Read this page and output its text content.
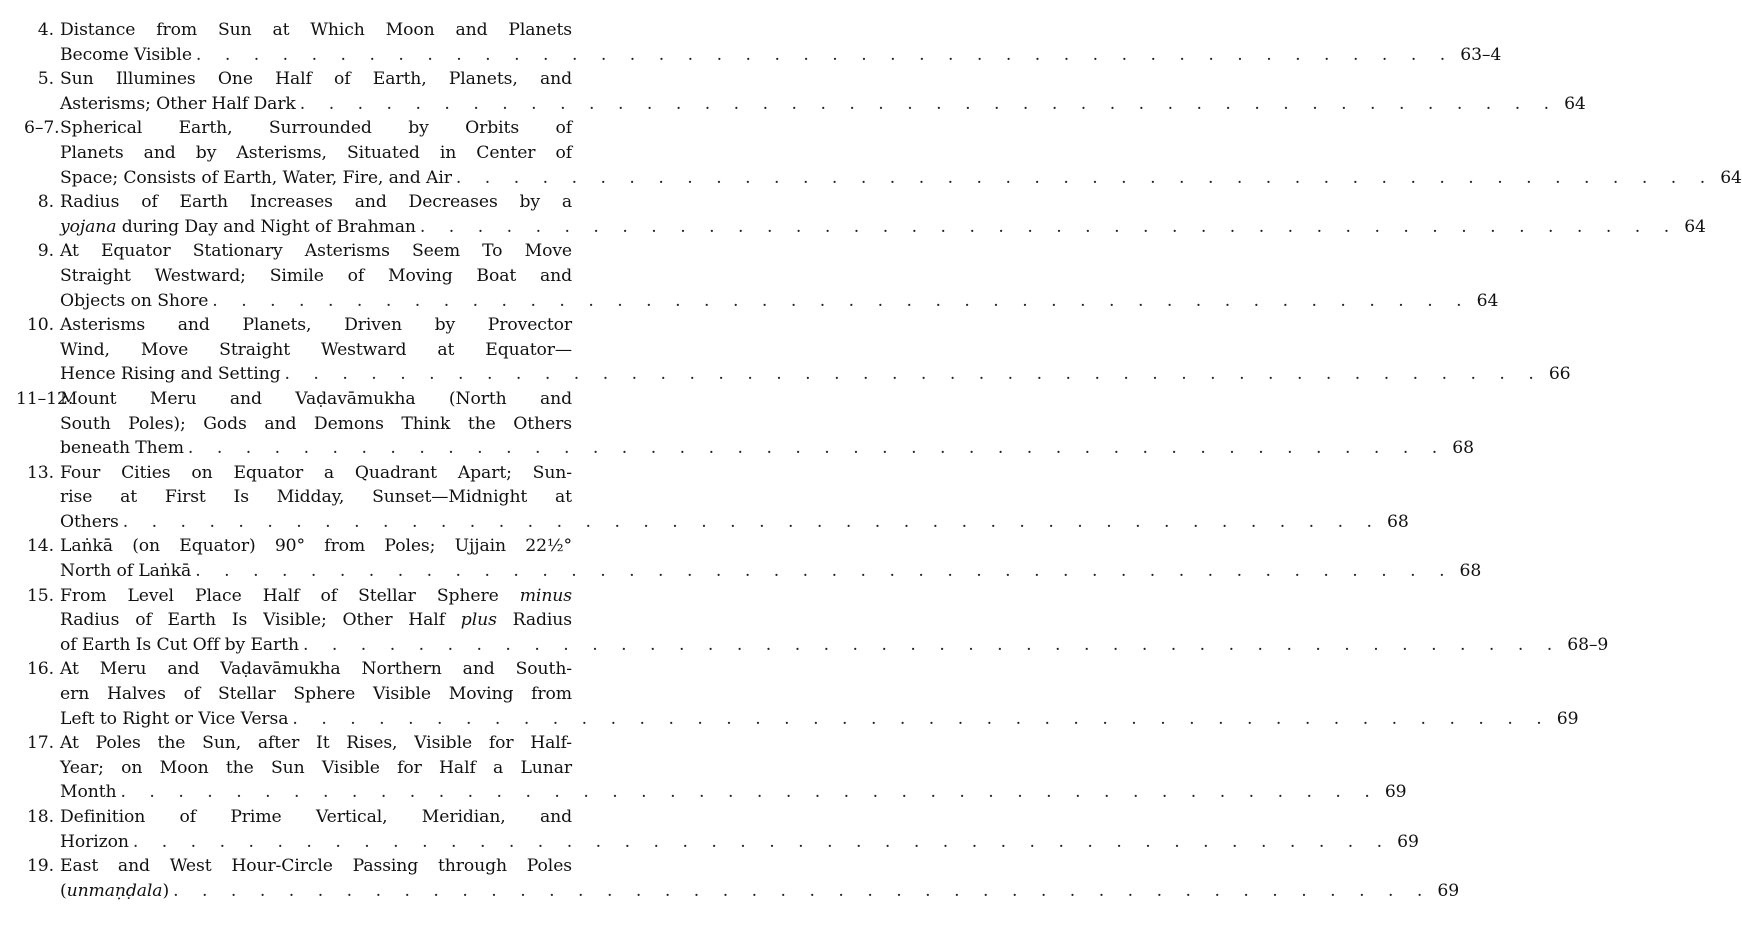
4. Distance from Sun at Which Moon and Planets
Become Visible . . . . . . . . . . . . . . . . . . . . . . . . . . . . . . . . . . . . . . . . . . . . 63–4
5. Sun Illumines One Half of Earth, Planets, and
Asterisms; Other Half Dark . . . . . . . . . . . . . . . . . . . . . . . . . . . . . . . . . . . . . . . . . . . . 64
6–7. Spherical Earth, Surrounded by Orbits of
Planets and by Asterisms, Situated in Center of
Space; Consists of Earth, Water, Fire, and Air . . . . . . . . . . . . . . . . . . . . . . . . . . . . . . . . . . . . . . . . . . . . 64
8. Radius of Earth Increases and Decreases by a
yojana during Day and Night of Brahman . . . . . . . . . . . . . . . . . . . . . . . . . . . . . . . . . . . . . . . . . . . . 64
9. At Equator Stationary Asterisms Seem To Move
Straight Westward; Simile of Moving Boat and
Objects on Shore . . . . . . . . . . . . . . . . . . . . . . . . . . . . . . . . . . . . . . . . . . . . 64
10. Asterisms and Planets, Driven by Provector
Wind, Move Straight Westward at Equator—
Hence Rising and Setting . . . . . . . . . . . . . . . . . . . . . . . . . . . . . . . . . . . . . . . . . . . . 66
11–12.
Mount Meru and Vaḍavāmukha (North and
South Poles); Gods and Demons Think the Others
beneath Them . . . . . . . . . . . . . . . . . . . . . . . . . . . . . . . . . . . . . . . . . . . . 68
13. Four Cities on Equator a Quadrant Apart; Sun-
rise at First Is Midday, Sunset—Midnight at
Others . . . . . . . . . . . . . . . . . . . . . . . . . . . . . . . . . . . . . . . . . . . . 68
14. Laṅkā (on Equator) 90° from Poles; Ujjain 22½°
North of Laṅkā . . . . . . . . . . . . . . . . . . . . . . . . . . . . . . . . . . . . . . . . . . . . 68
15. From Level Place Half of Stellar Sphere minus
Radius of Earth Is Visible; Other Half plus Radius
of Earth Is Cut Off by Earth . . . . . . . . . . . . . . . . . . . . . . . . . . . . . . . . . . . . . . . . . . . . 68–9
16. At Meru and Vaḍavāmukha Northern and South-
ern Halves of Stellar Sphere Visible Moving from
Left to Right or Vice Versa . . . . . . . . . . . . . . . . . . . . . . . . . . . . . . . . . . . . . . . . . . . . 69
17. At Poles the Sun, after It Rises, Visible for Half-
Year; on Moon the Sun Visible for Half a Lunar
Month . . . . . . . . . . . . . . . . . . . . . . . . . . . . . . . . . . . . . . . . . . . . 69
18. Definition of Prime Vertical, Meridian, and
Horizon . . . . . . . . . . . . . . . . . . . . . . . . . . . . . . . . . . . . . . . . . . . . 69
19. East and West Hour-Circle Passing through Poles
(unmaṇḍala) . . . . . . . . . . . . . . . . . . . . . . . . . . . . . . . . . . . . . . . . . . . . 69
